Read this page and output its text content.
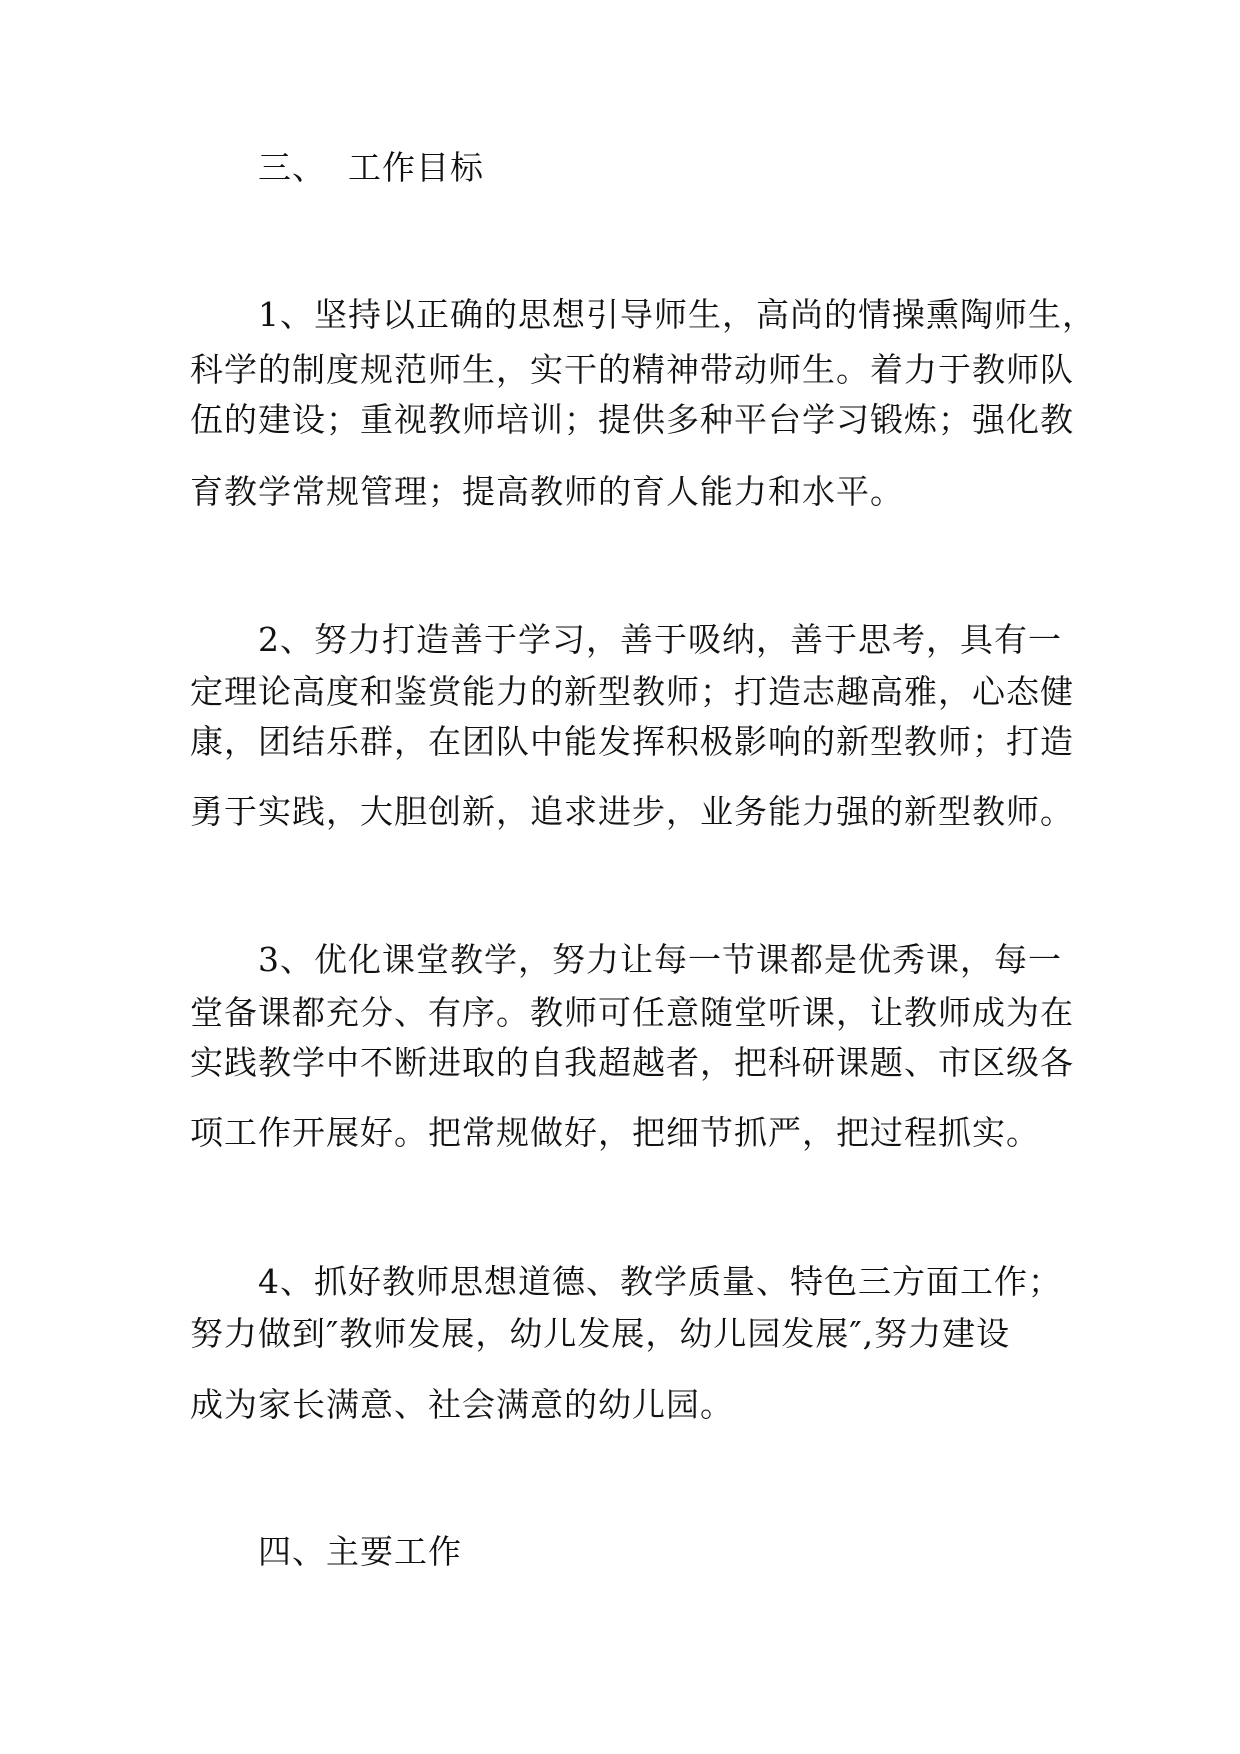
三、 工作目标

1、坚持以正确的思想引导师生，高尚的情操熏陶师生，

科学的制度规范师生，实干的精神带动师生。着力于教师队

伍的建设；重视教师培训；提供多种平台学习锻炼；强化教

育教学常规管理；提高教师的育人能力和水平。

2、努力打造善于学习，善于吸纳，善于思考，具有一

定理论高度和鉴赏能力的新型教师；打造志趣高雅，心态健

康，团结乐群，在团队中能发挥积极影响的新型教师；打造

勇于实践，大胆创新，追求进步，业务能力强的新型教师。

3、优化课堂教学，努力让每一节课都是优秀课，每一

堂备课都充分、有序。教师可任意随堂听课，让教师成为在

实践教学中不断进取的自我超越者，把科研课题、市区级各

项工作开展好。把常规做好，把细节抓严，把过程抓实。

4、抓好教师思想道德、教学质量、特色三方面工作；

努力做到″教师发展，幼儿发展，幼儿园发展″,努力建设

成为家长满意、社会满意的幼儿园。

四、主要工作
